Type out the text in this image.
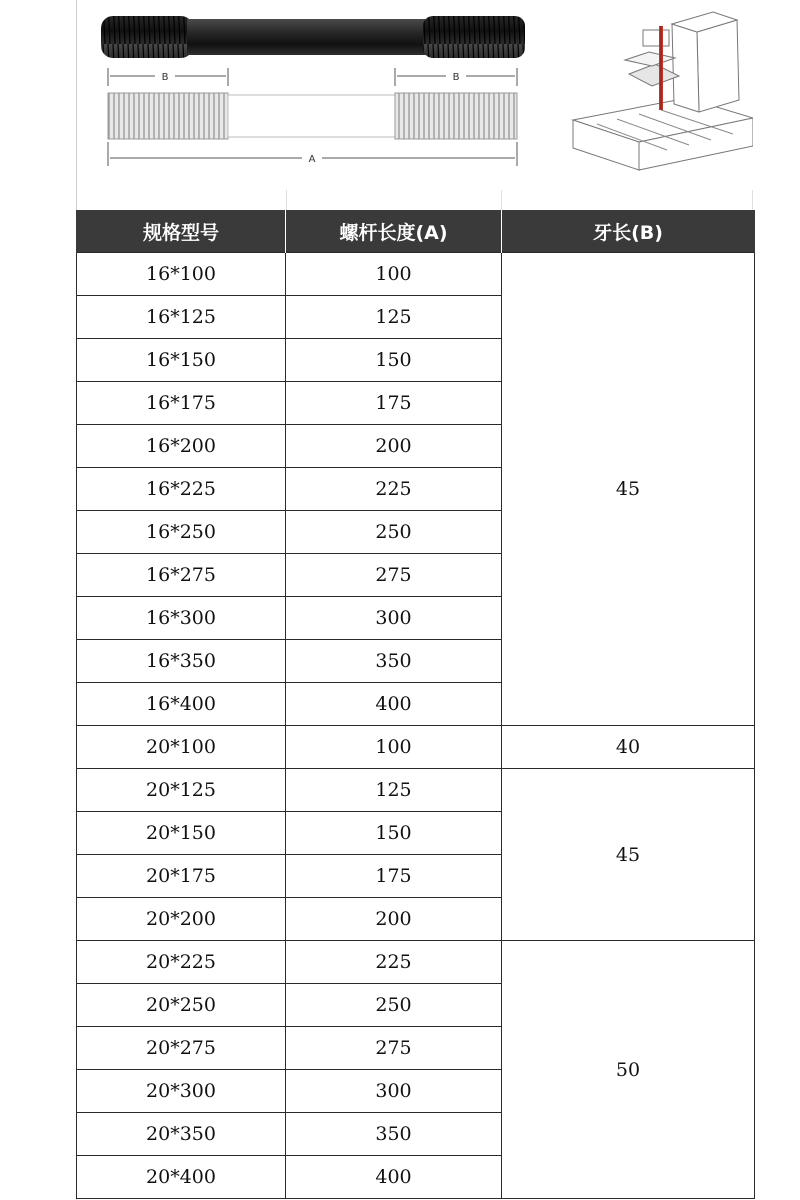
B	B
A
规格型号	螺杆长度(A)	牙长(B)
16*100	100	45
16*125	125	
16*150	150	
16*175	175	
16*200	200	
16*225	225	
16*250	250	
16*275	275	
16*300	300	
16*350	350	
16*400	400	
20*100	100	40
20*125	125	45
20*150	150	
20*175	175	
20*200	200	
20*225	225	50
20*250	250	
20*275	275	
20*300	300	
20*350	350	
20*400	400	
